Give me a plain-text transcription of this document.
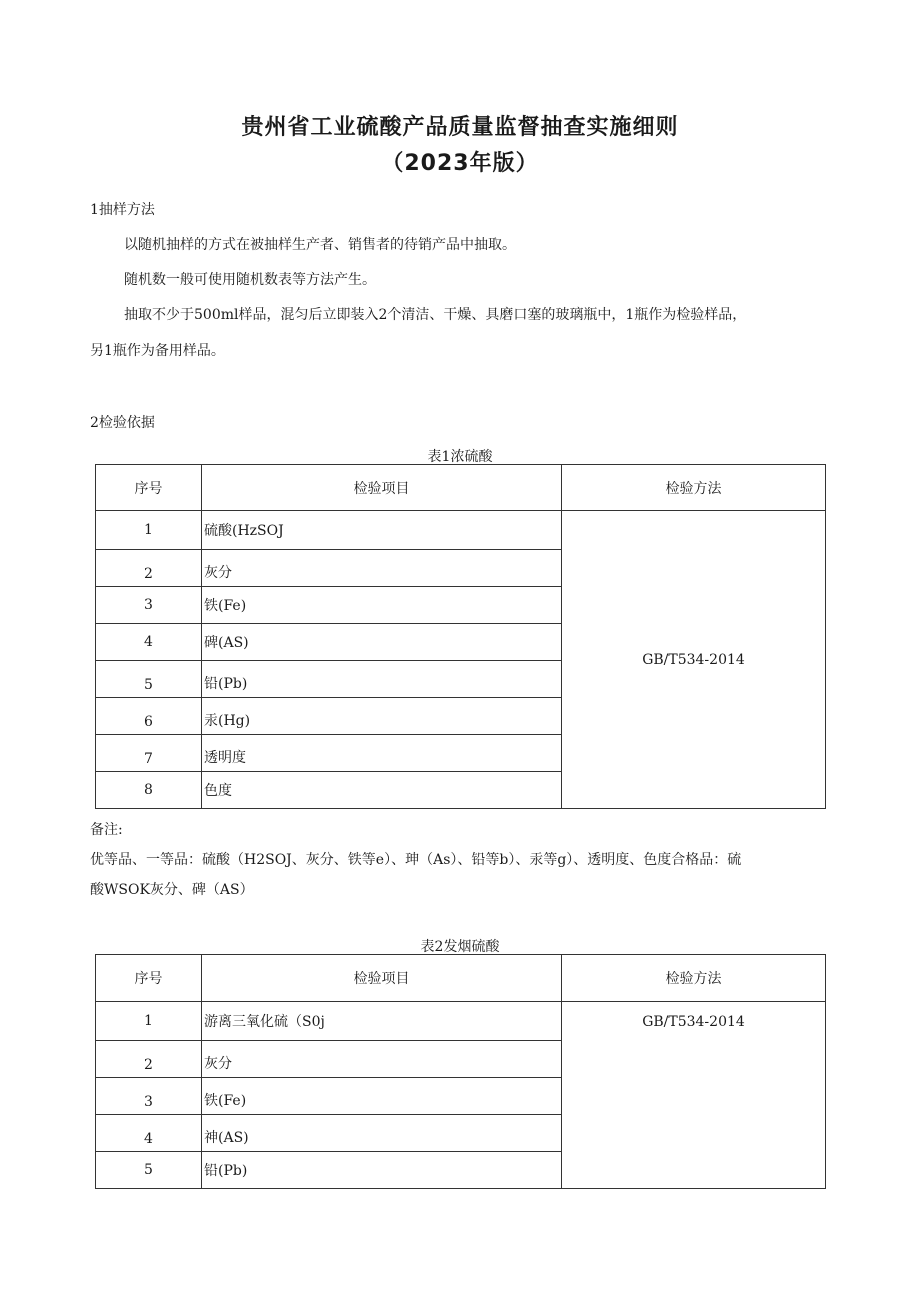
贵州省工业硫酸产品质量监督抽查实施细则
（2023年版）
1抽样方法
以随机抽样的方式在被抽样生产者、销售者的待销产品中抽取。
随机数一般可使用随机数表等方法产生。
抽取不少于500ml样品，混匀后立即装入2个清洁、干燥、具磨口塞的玻璃瓶中，1瓶作为检验样品，
另1瓶作为备用样品。
2检验依据
表1浓硫酸
序号	检验项目	检验方法
1	硫酸(HzSOJ	GB/T534-2014
2	灰分	
3	铁(Fe)	
4	碑(AS)	
5	铅(Pb)	
6	汞(Hg)	
7	透明度	
8	色度	
备注:
优等品、一等品：硫酸（H2SOJ、灰分、铁等e）、珅（As）、铅等b）、汞等g）、透明度、色度合格品：硫
酸WSOK灰分、碑（AS）
表2发烟硫酸
序号	检验项目	检验方法
1	游离三氧化硫（S0j	GB/T534-2014
2	灰分	
3	铁(Fe)	
4	神(AS)	
5	铅(Pb)	
